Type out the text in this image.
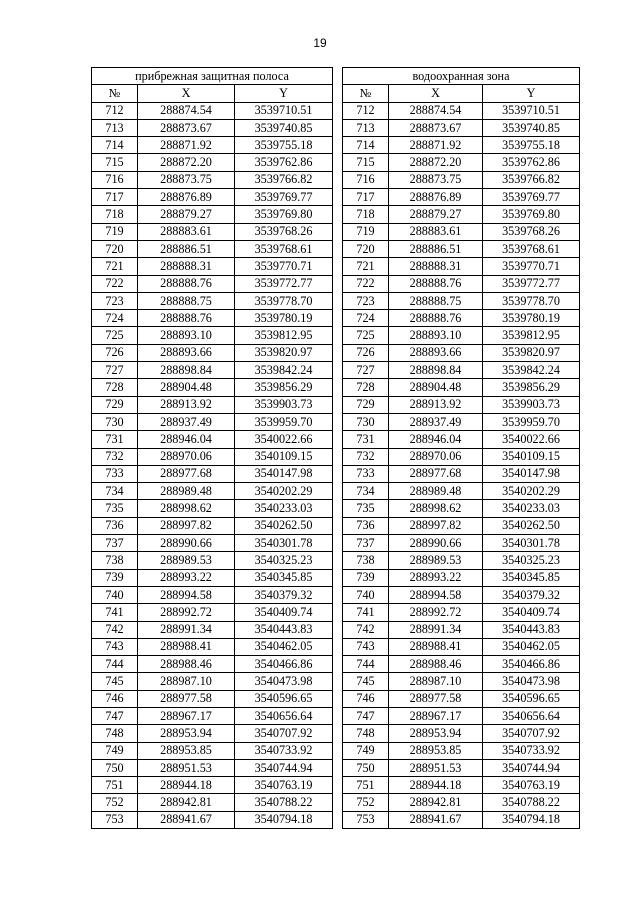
19
прибрежная защитная полоса		
№	X	Y
712	288874.54	3539710.51
713	288873.67	3539740.85
714	288871.92	3539755.18
715	288872.20	3539762.86
716	288873.75	3539766.82
717	288876.89	3539769.77
718	288879.27	3539769.80
719	288883.61	3539768.26
720	288886.51	3539768.61
721	288888.31	3539770.71
722	288888.76	3539772.77
723	288888.75	3539778.70
724	288888.76	3539780.19
725	288893.10	3539812.95
726	288893.66	3539820.97
727	288898.84	3539842.24
728	288904.48	3539856.29
729	288913.92	3539903.73
730	288937.49	3539959.70
731	288946.04	3540022.66
732	288970.06	3540109.15
733	288977.68	3540147.98
734	288989.48	3540202.29
735	288998.62	3540233.03
736	288997.82	3540262.50
737	288990.66	3540301.78
738	288989.53	3540325.23
739	288993.22	3540345.85
740	288994.58	3540379.32
741	288992.72	3540409.74
742	288991.34	3540443.83
743	288988.41	3540462.05
744	288988.46	3540466.86
745	288987.10	3540473.98
746	288977.58	3540596.65
747	288967.17	3540656.64
748	288953.94	3540707.92
749	288953.85	3540733.92
750	288951.53	3540744.94
751	288944.18	3540763.19
752	288942.81	3540788.22
753	288941.67	3540794.18
водоохранная зона		
№	X	Y
712	288874.54	3539710.51
713	288873.67	3539740.85
714	288871.92	3539755.18
715	288872.20	3539762.86
716	288873.75	3539766.82
717	288876.89	3539769.77
718	288879.27	3539769.80
719	288883.61	3539768.26
720	288886.51	3539768.61
721	288888.31	3539770.71
722	288888.76	3539772.77
723	288888.75	3539778.70
724	288888.76	3539780.19
725	288893.10	3539812.95
726	288893.66	3539820.97
727	288898.84	3539842.24
728	288904.48	3539856.29
729	288913.92	3539903.73
730	288937.49	3539959.70
731	288946.04	3540022.66
732	288970.06	3540109.15
733	288977.68	3540147.98
734	288989.48	3540202.29
735	288998.62	3540233.03
736	288997.82	3540262.50
737	288990.66	3540301.78
738	288989.53	3540325.23
739	288993.22	3540345.85
740	288994.58	3540379.32
741	288992.72	3540409.74
742	288991.34	3540443.83
743	288988.41	3540462.05
744	288988.46	3540466.86
745	288987.10	3540473.98
746	288977.58	3540596.65
747	288967.17	3540656.64
748	288953.94	3540707.92
749	288953.85	3540733.92
750	288951.53	3540744.94
751	288944.18	3540763.19
752	288942.81	3540788.22
753	288941.67	3540794.18
